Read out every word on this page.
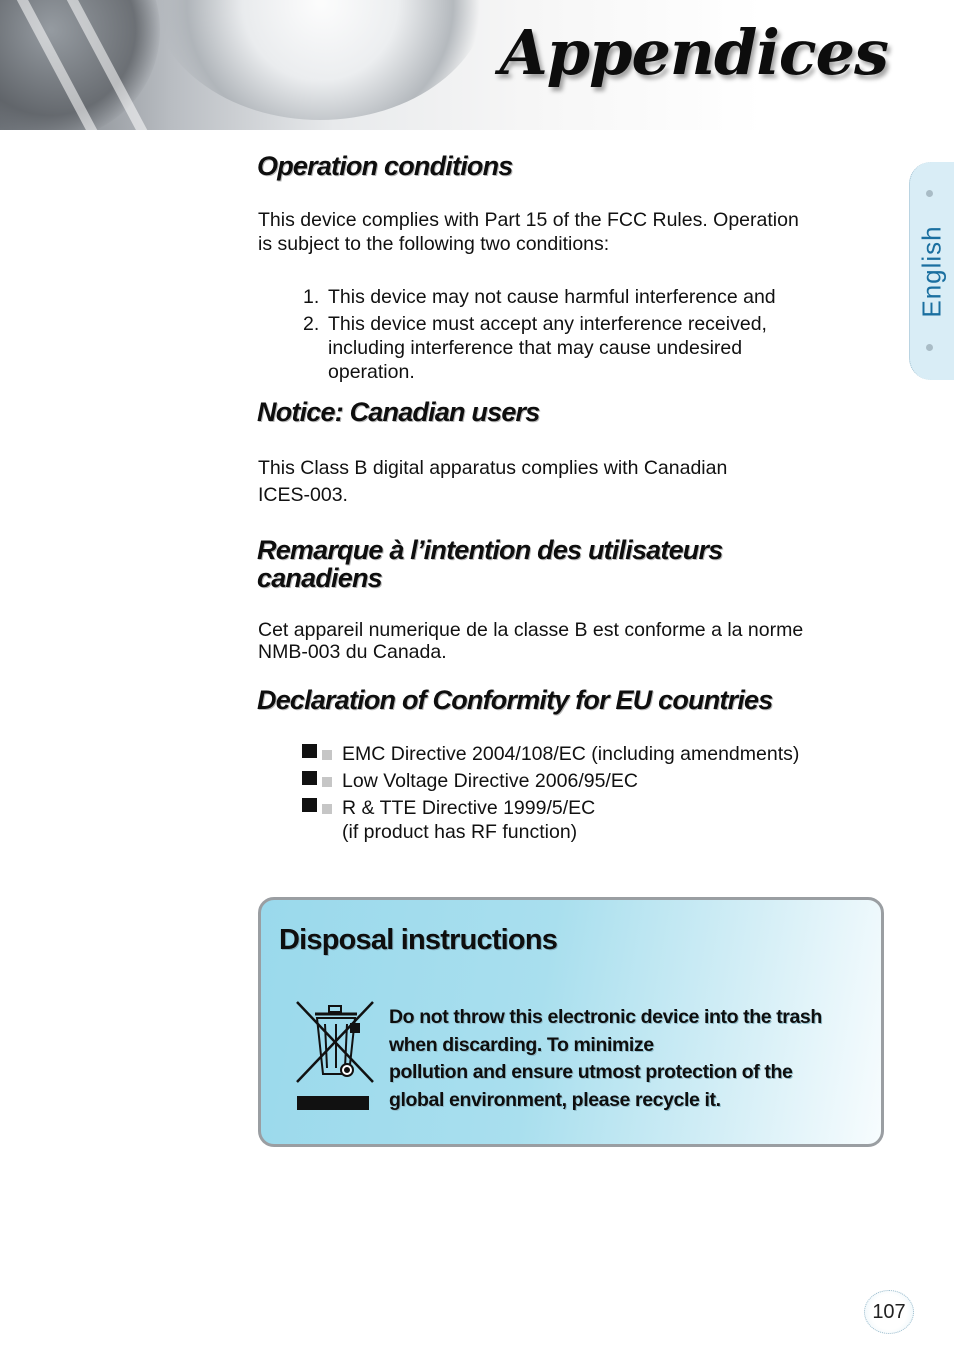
Appendices
English
Operation conditions
This device complies with Part 15 of the FCC Rules. Operation
is subject to the following two conditions:
1. This device may not cause harmful interference and
2. This device must accept any interference received,
including interference that may cause undesired
operation.
Notice: Canadian users
This Class B digital apparatus complies with Canadian
ICES-003.
Remarque à l’intention des utilisateurs
canadiens
Cet appareil numerique de la classe B est conforme a la norme
NMB-003 du Canada.
Declaration of Conformity for EU countries
EMC Directive 2004/108/EC (including amendments)
Low Voltage Directive 2006/95/EC
R & TTE Directive 1999/5/EC
(if product has RF function)
Disposal instructions
Do not throw this electronic device into the trash
when discarding. To minimize
pollution and ensure utmost protection of the
global environment, please recycle it.
107
